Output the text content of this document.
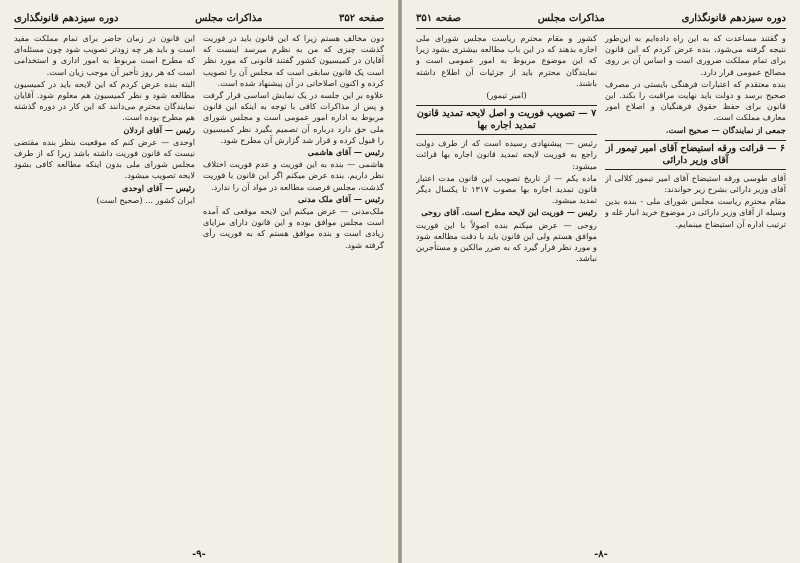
صفحه ۳۵۲
مذاکرات مجلس
دوره سیزدهم قانونگذاری

دون مخالف هستم زیرا که این قانون باید در فوریت گذشت چیزی که من به نظرم میرسد اینست که آقایان در کمیسیون کشور گفتند قانونی که مورد نظر است یک قانون سابقی است که مجلس آن را تصویب کرده و اکنون اصلاحاتی در آن پیشنهاد شده است.

علاوه بر این جلسه در یک نمایش اساسی قرار گرفت و پس از مذاکرات کافی با توجه به اینکه این قانون مربوط به اداره امور عمومی است و مجلس شورای ملی حق دارد درباره آن تصمیم بگیرد نظر کمیسیون را قبول کرده و قرار شد گزارش آن مطرح شود.

رئیس — آقای هاشمی

هاشمی — بنده به این فوریت و عدم فوریت اختلاف نظر داریم. بنده عرض میکنم اگر این قانون با فوریت گذشت، مجلس فرصت مطالعه در مواد آن را ندارد.

رئیس — آقای ملک مدنی

ملک‌مدنی — عرض میکنم این لایحه موقعی که آمده است مجلس موافق بوده و این قانون دارای مزایای زیادی است و بنده موافق هستم که به فوریت رأی گرفته شود.

این قانون در زمان حاضر برای تمام مملکت مفید است و باید هر چه زودتر تصویب شود چون مسئله‌ای که مطرح است مربوط به امور اداری و استخدامی است که هر روز تأخیر آن موجب زیان است.

البته بنده عرض کردم که این لایحه باید در کمیسیون مطالعه شود و نظر کمیسیون هم معلوم شود. آقایان نمایندگان محترم می‌دانند که این کار در دوره گذشته هم مطرح بوده است.

رئیس — آقای اردلان

اوحدی — عرض کنم که موقعیت بنظر بنده مقتضی نیست که قانون فوریت داشته باشد زیرا که از طرف مجلس شورای ملی بدون اینکه مطالعه کافی بشود لایحه تصویب میشود.

رئیس — آقای اوحدی

ایران کشور ... (صحیح است)

-۹-
دوره سیزدهم قانونگذاری
مذاکرات مجلس
صفحه ۳۵۱

و گفتند مساعدت که به این راه داده‌ایم به این‌طور نتیجه گرفته می‌شود. بنده عرض کردم که این قانون برای تمام مملکت ضروری است و اساس آن بر روی مصالح عمومی قرار دارد.

بنده معتقدم که اعتبارات فرهنگی بایستی در مصرف صحیح برسد و دولت باید نهایت مراقبت را بکند. این قانون برای حفظ حقوق فرهنگیان و اصلاح امور معارف مملکت است.

جمعی از نمایندگان — صحیح است.

۶ — قرائت ورقه استیضاح آقای امیر تیمور از آقای وزیر دارائی

آقای طوسی ورقه استیضاح آقای امیر تیمور کلالی از آقای وزیر دارائی بشرح زیر خواندند:

مقام محترم ریاست مجلس شورای ملی - بنده بدین وسیله از آقای وزیر دارائی در موضوع خرید انبار غله و ترتیب اداره آن استیضاح مینمایم.

کشور و مقام محترم ریاست مجلس شورای ملی اجازه بدهند که در این باب مطالعه بیشتری بشود زیرا که این موضوع مربوط به امور عمومی است و نمایندگان محترم باید از جزئیات آن اطلاع داشته باشند.

(امیر تیمور)

۷ — تصویب فوریت و اصل لایحه تمدید قانون تمدید اجاره بها

رئیس — پیشنهادی رسیده است که از طرف دولت راجع به فوریت لایحه تمدید قانون اجاره بها قرائت میشود:

ماده یکم — از تاریخ تصویب این قانون مدت اعتبار قانون تمدید اجاره بها مصوب ۱۳۱۷ تا یکسال دیگر تمدید میشود.

رئیس — فوریت این لایحه مطرح است. آقای روحی

روحی — عرض میکنم بنده اصولاً با این فوریت موافق هستم ولی این قانون باید با دقت مطالعه شود و مورد نظر قرار گیرد که به ضرر مالکین و مستأجرین نباشد.

-۸-
